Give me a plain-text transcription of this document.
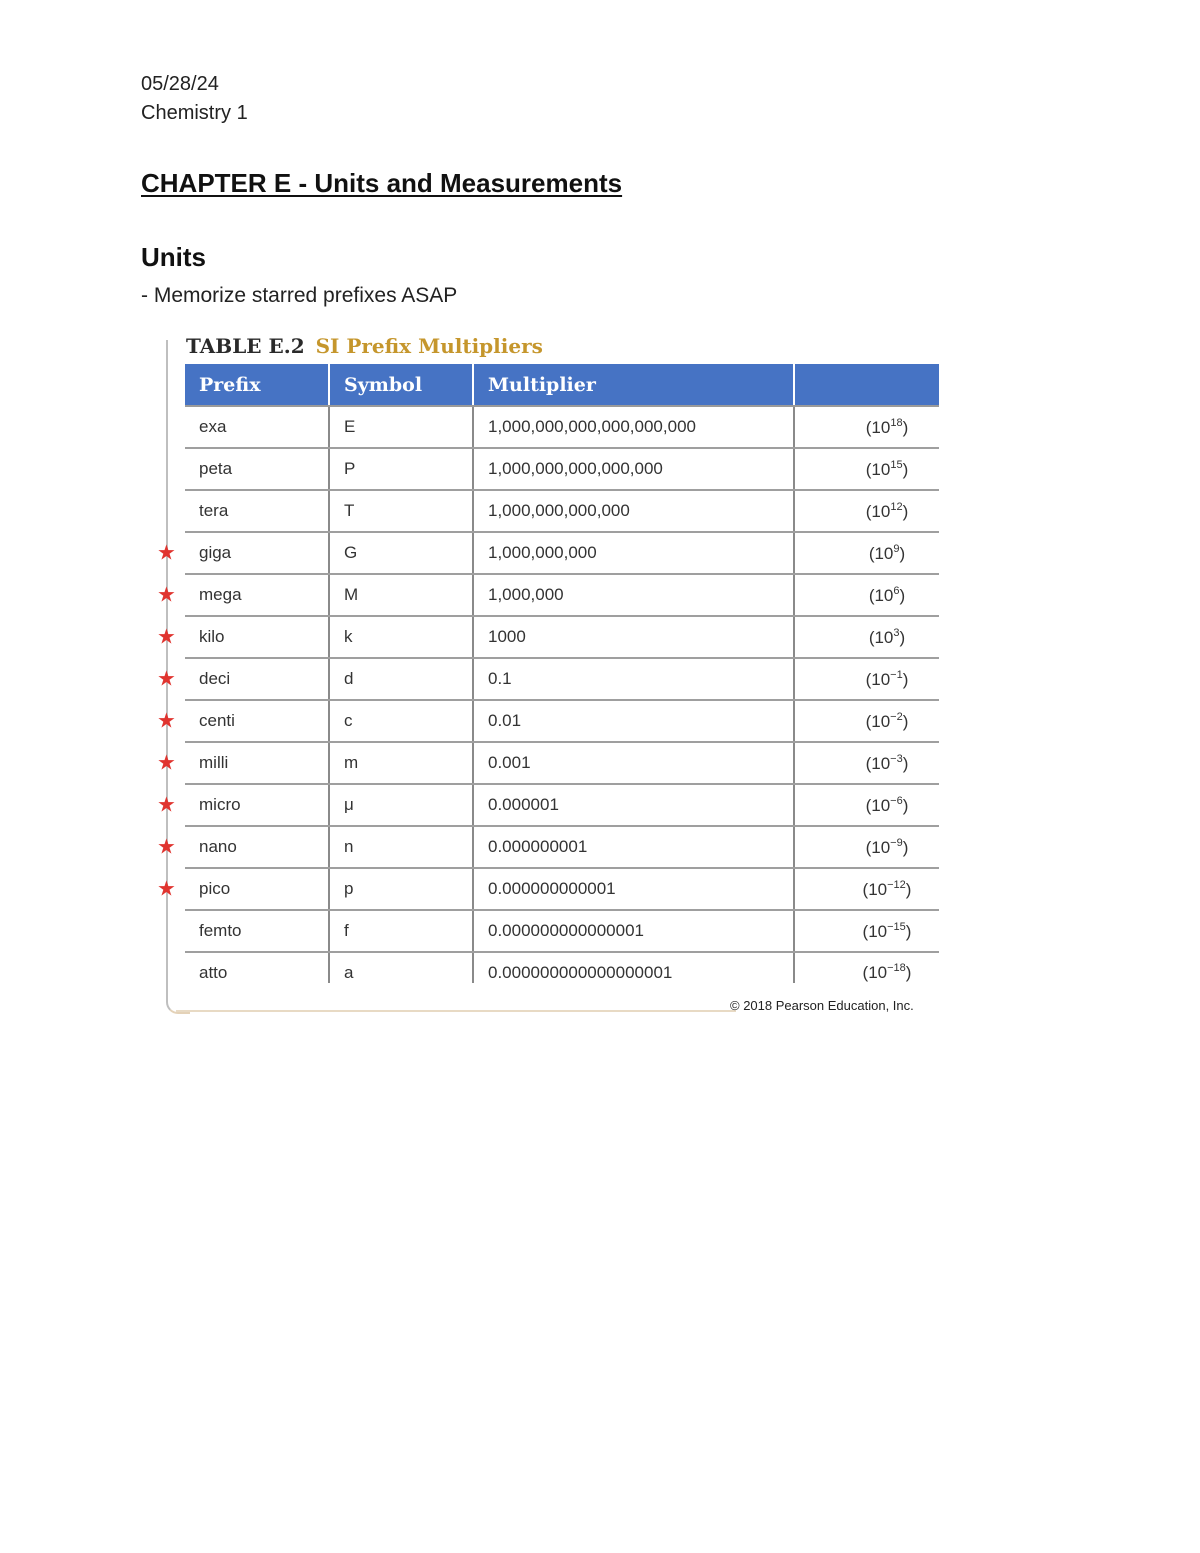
05/28/24
Chemistry 1
CHAPTER E - Units and Measurements
Units
- Memorize starred prefixes ASAP
TABLE E.2 SI Prefix Multipliers
Prefix	Symbol	Multiplier	
exa	E	1,000,000,000,000,000,000	$(10^{18})$
peta	P	1,000,000,000,000,000	$(10^{15})$
tera	T	1,000,000,000,000	$(10^{12})$

★ giga	G	1,000,000,000	$(10^9)$

★ mega	M	1,000,000	$(10^6)$

★ kilo	k	1000	$(10^3)$

★ deci	d	0.1	$(10^{-1})$

★ centi	c	0.01	$(10^{-2})$

★ milli	m	0.001	$(10^{-3})$

★ micro	μ	0.000001	$(10^{-6})$

★ nano	n	0.000000001	$(10^{-9})$

★ pico	p	0.000000000001	$(10^{-12})$
femto	f	0.000000000000001	$(10^{-15})$
atto	a	0.000000000000000001	$(10^{-18})$
© 2018 Pearson Education, Inc.
